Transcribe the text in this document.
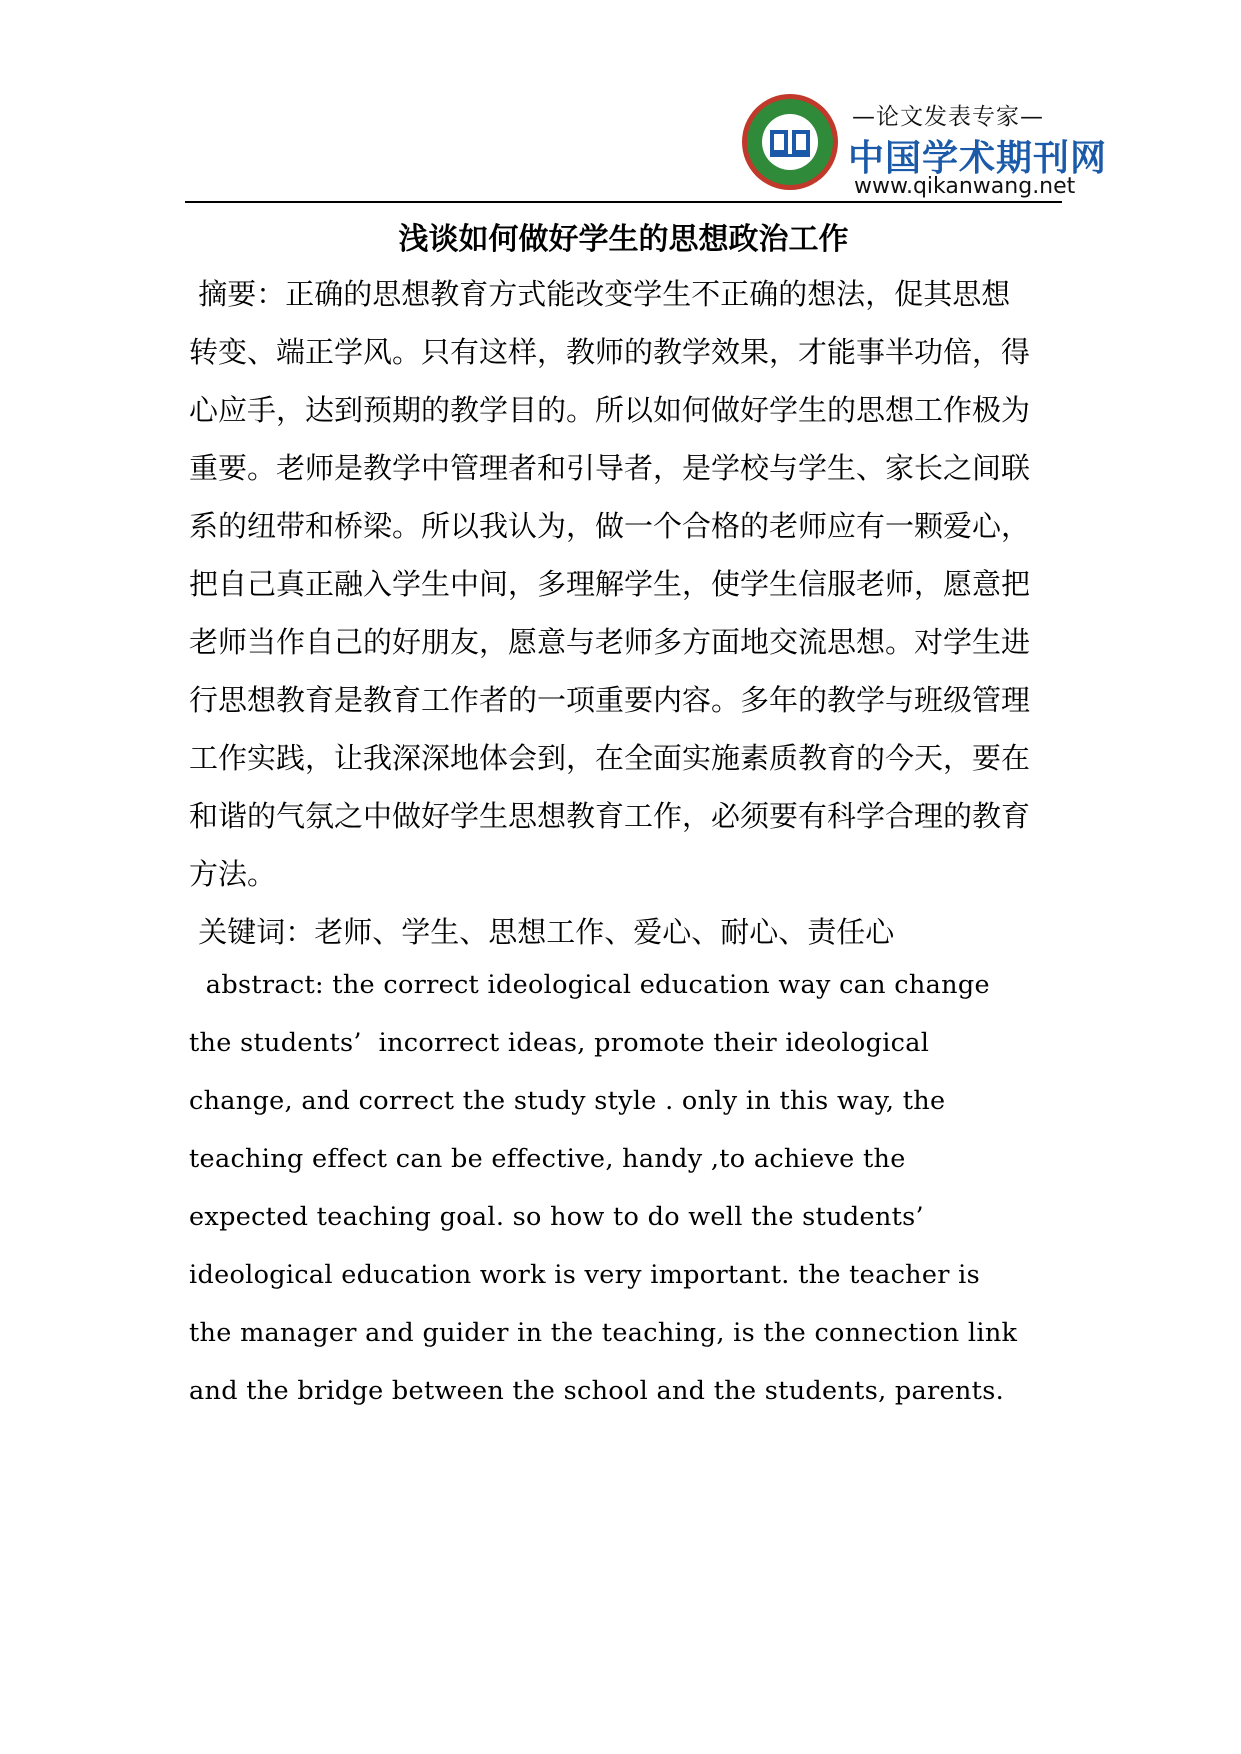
—论文发表专家—
中国学术期刊网
www.qikanwang.net
浅谈如何做好学生的思想政治工作
摘要：正确的思想教育方式能改变学生不正确的想法，促其思想
转变、端正学风。只有这样，教师的教学效果，才能事半功倍，得
心应手，达到预期的教学目的。所以如何做好学生的思想工作极为
重要。老师是教学中管理者和引导者，是学校与学生、家长之间联
系的纽带和桥梁。所以我认为，做一个合格的老师应有一颗爱心，
把自己真正融入学生中间，多理解学生，使学生信服老师，愿意把
老师当作自己的好朋友，愿意与老师多方面地交流思想。对学生进
行思想教育是教育工作者的一项重要内容。多年的教学与班级管理
工作实践，让我深深地体会到，在全面实施素质教育的今天，要在
和谐的气氛之中做好学生思想教育工作，必须要有科学合理的教育
方法。
关键词：老师、学生、思想工作、爱心、耐心、责任心
abstract: the correct ideological education way can change
the students’  incorrect ideas, promote their ideological
change, and correct the study style . only in this way, the
teaching effect can be effective, handy ,to achieve the
expected teaching goal. so how to do well the students’
ideological education work is very important. the teacher is
the manager and guider in the teaching, is the connection link
and the bridge between the school and the students, parents.
